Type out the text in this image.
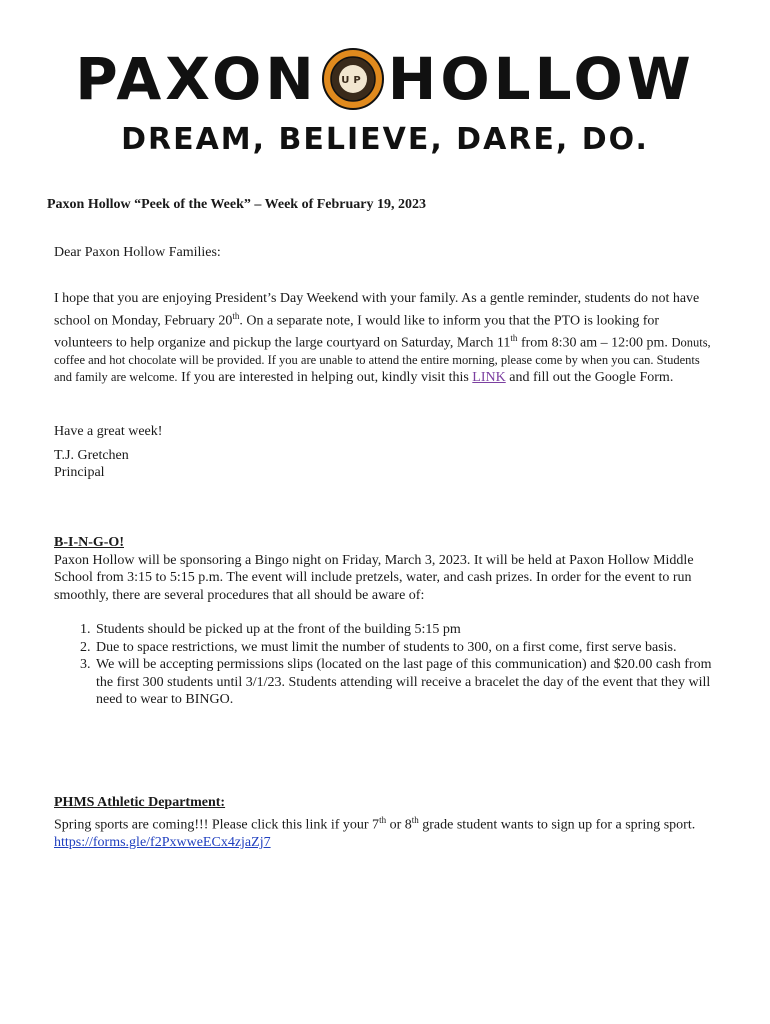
PAXON UP HOLLOW
DREAM, BELIEVE, DARE, DO.
Paxon Hollow “Peek of the Week” – Week of February 19, 2023
Dear Paxon Hollow Families:
I hope that you are enjoying President’s Day Weekend with your family. As a gentle reminder, students do not have school on Monday, February 20th. On a separate note, I would like to inform you that the PTO is looking for volunteers to help organize and pickup the large courtyard on Saturday, March 11th from 8:30 am – 12:00 pm. Donuts, coffee and hot chocolate will be provided. If you are unable to attend the entire morning, please come by when you can. Students and family are welcome. If you are interested in helping out, kindly visit this LINK and fill out the Google Form.
Have a great week!
T.J. Gretchen
Principal
B-I-N-G-O!
Paxon Hollow will be sponsoring a Bingo night on Friday, March 3, 2023. It will be held at Paxon Hollow Middle School from 3:15 to 5:15 p.m. The event will include pretzels, water, and cash prizes. In order for the event to run smoothly, there are several procedures that all should be aware of:
1. Students should be picked up at the front of the building 5:15 pm
2. Due to space restrictions, we must limit the number of students to 300, on a first come, first serve basis.
3. We will be accepting permissions slips (located on the last page of this communication) and $20.00 cash from the first 300 students until 3/1/23. Students attending will receive a bracelet the day of the event that they will need to wear to BINGO.
PHMS Athletic Department:
Spring sports are coming!!! Please click this link if your 7th or 8th grade student wants to sign up for a spring sport. https://forms.gle/f2PxwweECx4zjaZj7
